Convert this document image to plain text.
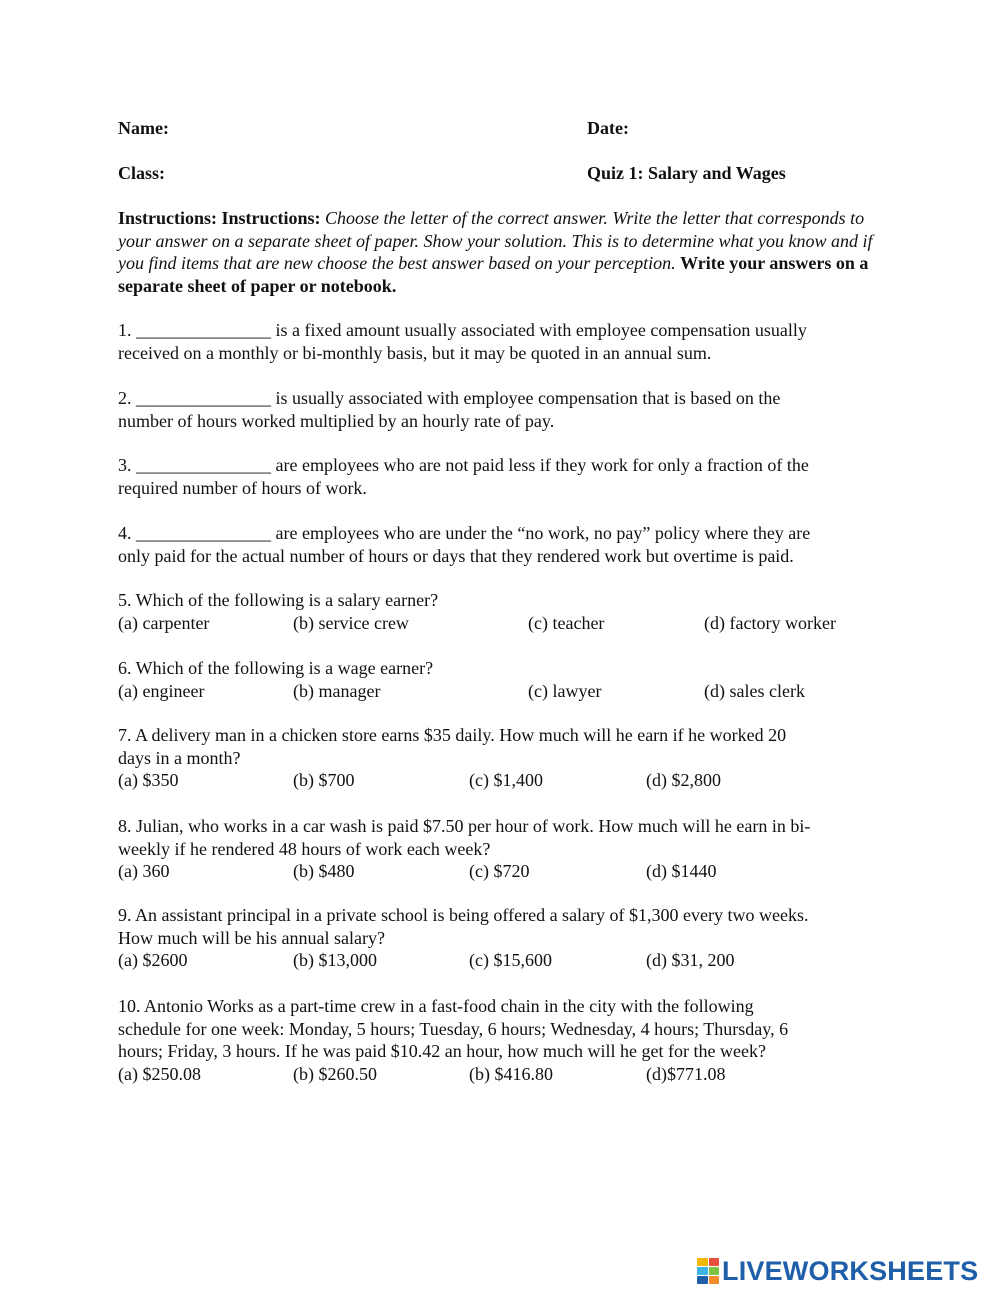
Name:	Date:
Class:	Quiz 1: Salary and Wages
Instructions: Instructions: Choose the letter of the correct answer. Write the letter that corresponds to your answer on a separate sheet of paper. Show your solution. This is to determine what you know and if you find items that are new choose the best answer based on your perception. Write your answers on a separate sheet of paper or notebook.
1. _______________ is a fixed amount usually associated with employee compensation usually
received on a monthly or bi-monthly basis, but it may be quoted in an annual sum.
2. _______________ is usually associated with employee compensation that is based on the
number of hours worked multiplied by an hourly rate of pay.
3. _______________ are employees who are not paid less if they work for only a fraction of the
required number of hours of work.
4. _______________ are employees who are under the “no work, no pay” policy where they are
only paid for the actual number of hours or days that they rendered work but overtime is paid.
5. Which of the following is a salary earner?
(a) carpenter	(b) service crew	(c) teacher	(d) factory worker
6. Which of the following is a wage earner?
(a) engineer	(b) manager	(c) lawyer	(d) sales clerk
7. A delivery man in a chicken store earns $35 daily. How much will he earn if he worked 20
days in a month?
(a) $350	(b) $700	(c) $1,400	(d) $2,800
8. Julian, who works in a car wash is paid $7.50 per hour of work. How much will he earn in bi-
weekly if he rendered 48 hours of work each week?
(a) 360	(b) $480	(c) $720	(d) $1440
9. An assistant principal in a private school is being offered a salary of $1,300 every two weeks.
How much will be his annual salary?
(a) $2600	(b) $13,000	(c) $15,600	(d) $31, 200
10. Antonio Works as a part-time crew in a fast-food chain in the city with the following
schedule for one week: Monday, 5 hours; Tuesday, 6 hours; Wednesday, 4 hours; Thursday, 6
hours; Friday, 3 hours. If he was paid $10.42 an hour, how much will he get for the week?
(a) $250.08	(b) $260.50	(b) $416.80	(d)$771.08
LIVEWORKSHEETS
